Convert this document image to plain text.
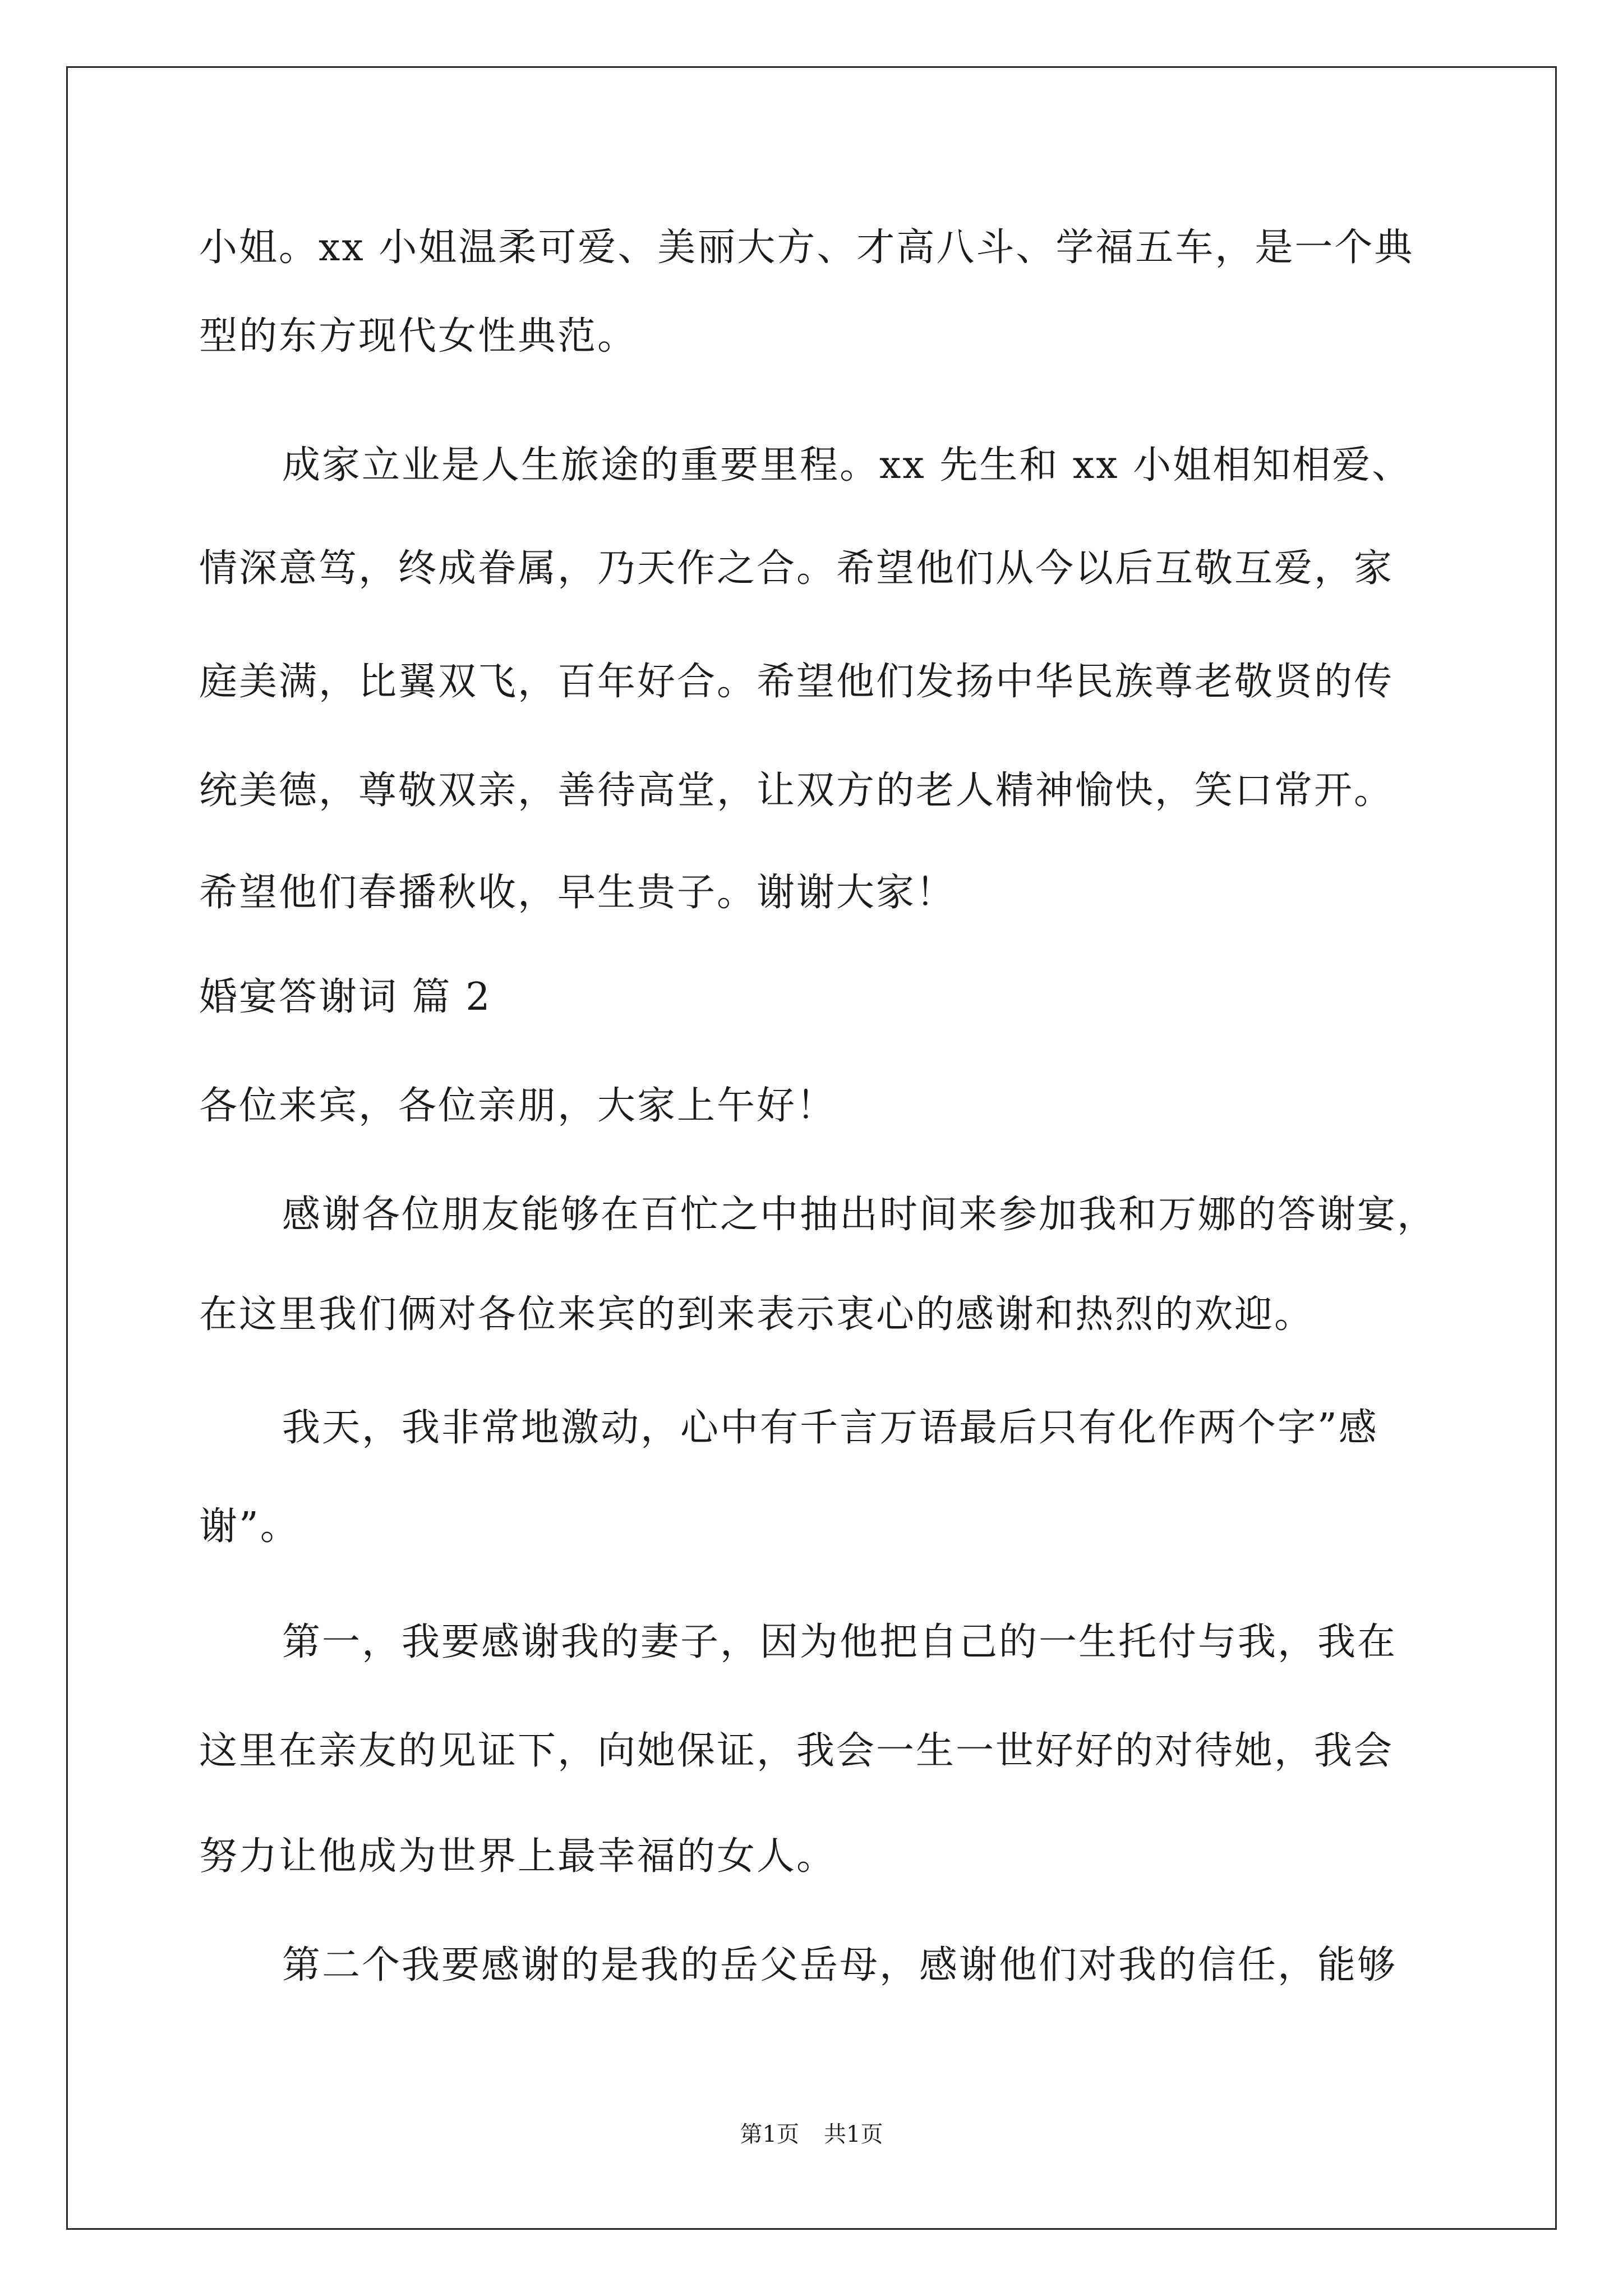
小姐。xx 小姐温柔可爱、美丽大方、才高八斗、学福五车，是一个典
型的东方现代女性典范。
成家立业是人生旅途的重要里程。xx 先生和 xx 小姐相知相爱、
情深意笃，终成眷属，乃天作之合。希望他们从今以后互敬互爱，家
庭美满，比翼双飞，百年好合。希望他们发扬中华民族尊老敬贤的传
统美德，尊敬双亲，善待高堂，让双方的老人精神愉快，笑口常开。
希望他们春播秋收，早生贵子。谢谢大家！
婚宴答谢词 篇 2
各位来宾，各位亲朋，大家上午好！
感谢各位朋友能够在百忙之中抽出时间来参加我和万娜的答谢宴，
在这里我们俩对各位来宾的到来表示衷心的感谢和热烈的欢迎。
我天，我非常地激动，心中有千言万语最后只有化作两个字”感
谢”。
第一，我要感谢我的妻子，因为他把自己的一生托付与我，我在
这里在亲友的见证下，向她保证，我会一生一世好好的对待她，我会
努力让他成为世界上最幸福的女人。
第二个我要感谢的是我的岳父岳母，感谢他们对我的信任，能够
第1页 共1页
